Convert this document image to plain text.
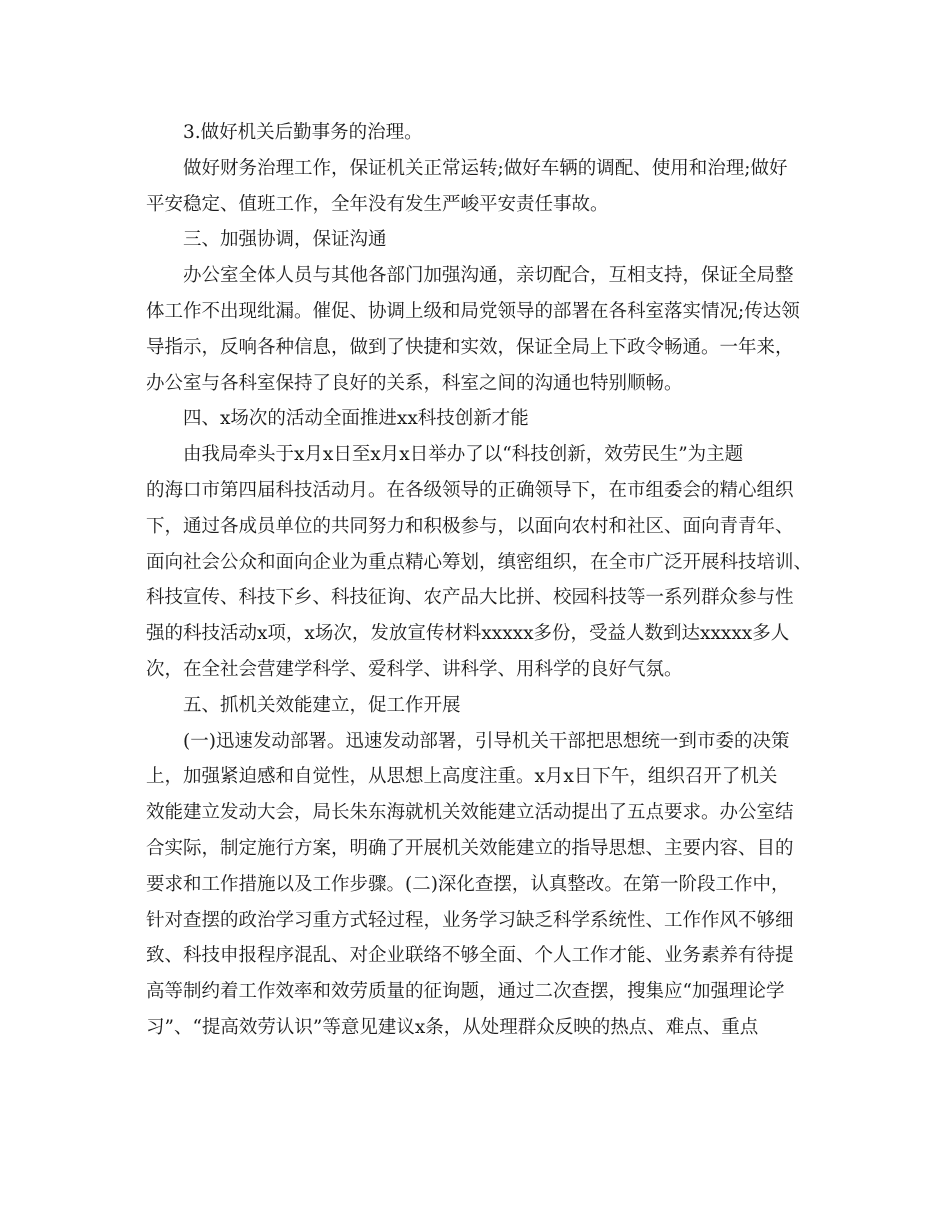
3.做好机关后勤事务的治理。

做好财务治理工作，保证机关正常运转;做好车辆的调配、使用和治理;做好
平安稳定、值班工作，全年没有发生严峻平安责任事故。

三、加强协调，保证沟通

办公室全体人员与其他各部门加强沟通，亲切配合，互相支持，保证全局整
体工作不出现纰漏。催促、协调上级和局党领导的部署在各科室落实情况;传达领
导指示，反响各种信息，做到了快捷和实效，保证全局上下政令畅通。一年来，
办公室与各科室保持了良好的关系，科室之间的沟通也特别顺畅。

四、x场次的活动全面推进xx科技创新才能

由我局牵头于x月x日至x月x日举办了以“科技创新，效劳民生”为主题
的海口市第四届科技活动月。在各级领导的正确领导下，在市组委会的精心组织
下，通过各成员单位的共同努力和积极参与，以面向农村和社区、面向青青年、
面向社会公众和面向企业为重点精心筹划，缜密组织，在全市广泛开展科技培训、
科技宣传、科技下乡、科技征询、农产品大比拼、校园科技等一系列群众参与性
强的科技活动x项，x场次，发放宣传材料xxxxx多份，受益人数到达xxxxx多人
次，在全社会营建学科学、爱科学、讲科学、用科学的良好气氛。

五、抓机关效能建立，促工作开展

(一)迅速发动部署。迅速发动部署，引导机关干部把思想统一到市委的决策
上，加强紧迫感和自觉性，从思想上高度注重。x月x日下午，组织召开了机关
效能建立发动大会，局长朱东海就机关效能建立活动提出了五点要求。办公室结
合实际，制定施行方案，明确了开展机关效能建立的指导思想、主要内容、目的
要求和工作措施以及工作步骤。(二)深化查摆，认真整改。在第一阶段工作中，
针对查摆的政治学习重方式轻过程，业务学习缺乏科学系统性、工作作风不够细
致、科技申报程序混乱、对企业联络不够全面、个人工作才能、业务素养有待提
高等制约着工作效率和效劳质量的征询题，通过二次查摆，搜集应“加强理论学
习”、“提高效劳认识”等意见建议x条，从处理群众反映的热点、难点、重点
